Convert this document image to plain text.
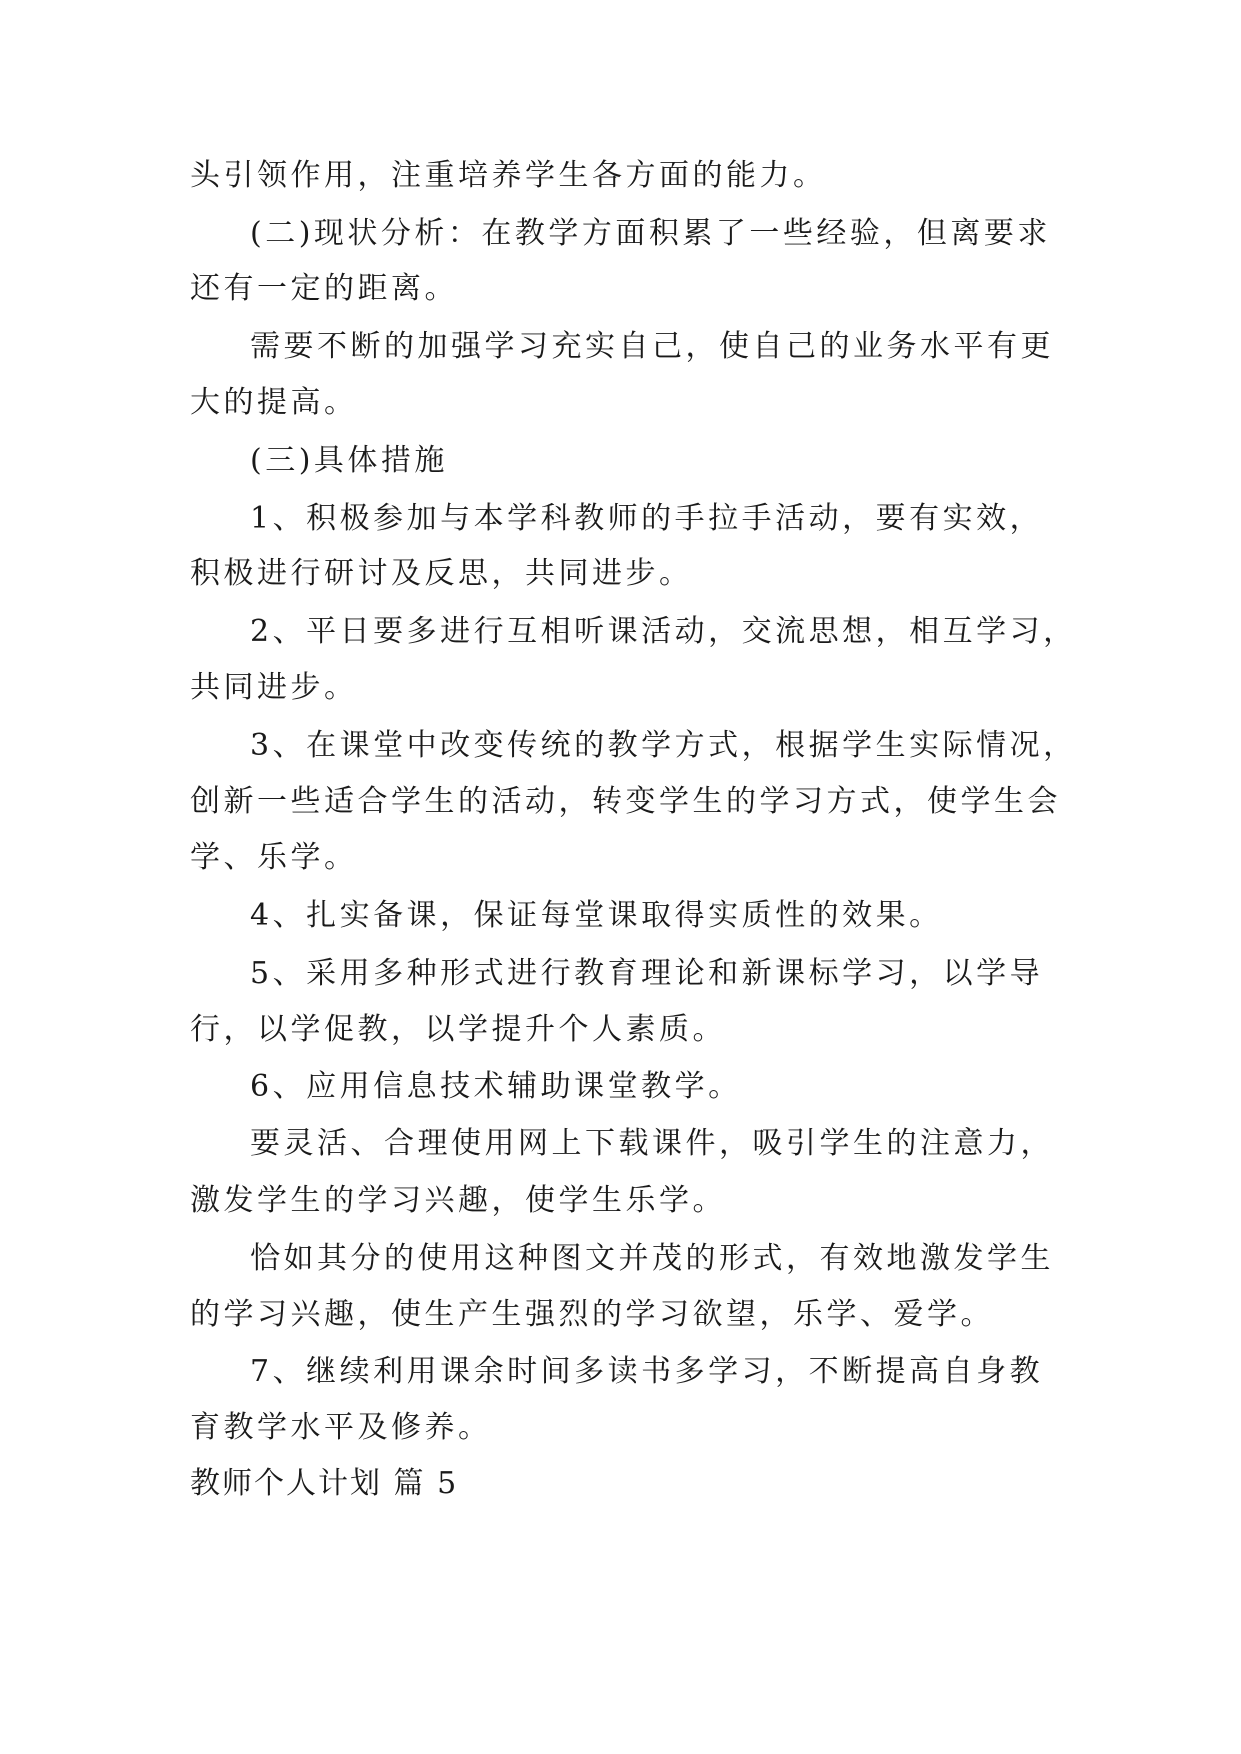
头引领作用，注重培养学生各方面的能力。
(二)现状分析：在教学方面积累了一些经验，但离要求
还有一定的距离。
需要不断的加强学习充实自己，使自己的业务水平有更
大的提高。
(三)具体措施
1、积极参加与本学科教师的手拉手活动，要有实效，
积极进行研讨及反思，共同进步。
2、平日要多进行互相听课活动，交流思想，相互学习，
共同进步。
3、在课堂中改变传统的教学方式，根据学生实际情况，
创新一些适合学生的活动，转变学生的学习方式，使学生会
学、乐学。
4、扎实备课，保证每堂课取得实质性的效果。
5、采用多种形式进行教育理论和新课标学习，以学导
行，以学促教，以学提升个人素质。
6、应用信息技术辅助课堂教学。
要灵活、合理使用网上下载课件，吸引学生的注意力，
激发学生的学习兴趣，使学生乐学。
恰如其分的使用这种图文并茂的形式，有效地激发学生
的学习兴趣，使生产生强烈的学习欲望，乐学、爱学。
7、继续利用课余时间多读书多学习，不断提高自身教
育教学水平及修养。
教师个人计划 篇 5
